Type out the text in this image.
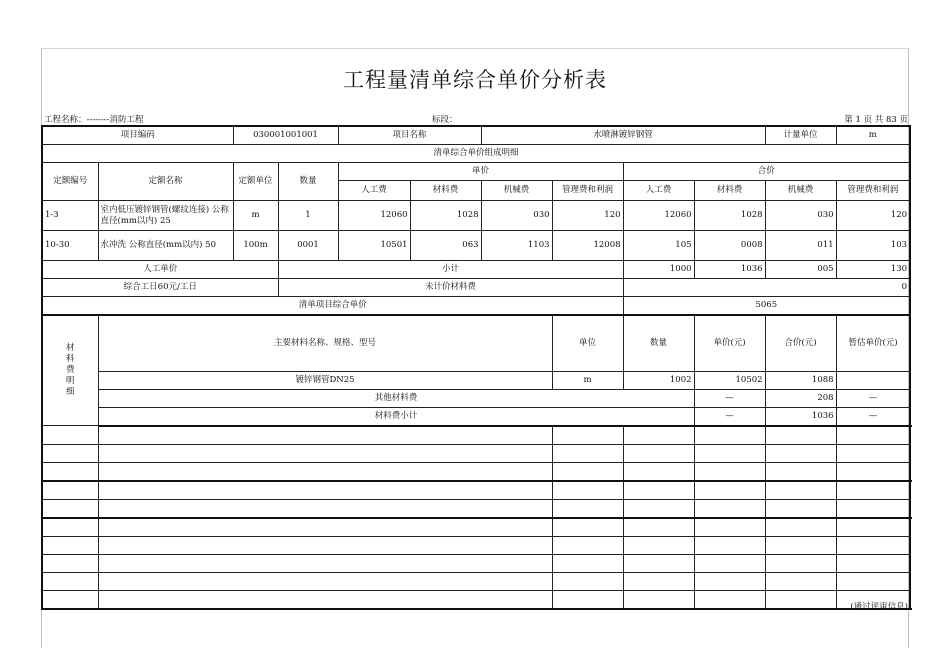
工程量清单综合单价分析表
工程名称：--------消防工程	标段：	第 1 页 共 83 页
项目编码		030001001001		项目名称		水喷淋镀锌钢管				计量单位	m	
清单综合单价组成明细												
定额编号	定额名称	定额单位	数量	单价				合价				
				人工费	材料费	机械费	管理费和利润	人工费	材料费	机械费	管理费和利润	
1-3	室内低压镀锌钢管(螺纹连接) 公称直径(mm以内) 25	m	1	12060	1028	030	120	12060	1028	030	120	
10-30	水冲洗 公称直径(mm以内) 50	100m	0001	10501	063	1103	12008	105	0008	011	103	
人工单价			小计					1000	1036	005	130	
综合工日60元/工日			未计价材料费					0				
清单项目综合单价								5065				
材
料
费
明
细	主要材料名称、规格、型号						单位	数量	单价(元)	合价(元)	暂估单价(元)	
	镀锌钢管DN25						m	1002	10502	1088		
	其他材料费								—	208	—	
	材料费小计								—	1036	—	

(通过评审信息)
